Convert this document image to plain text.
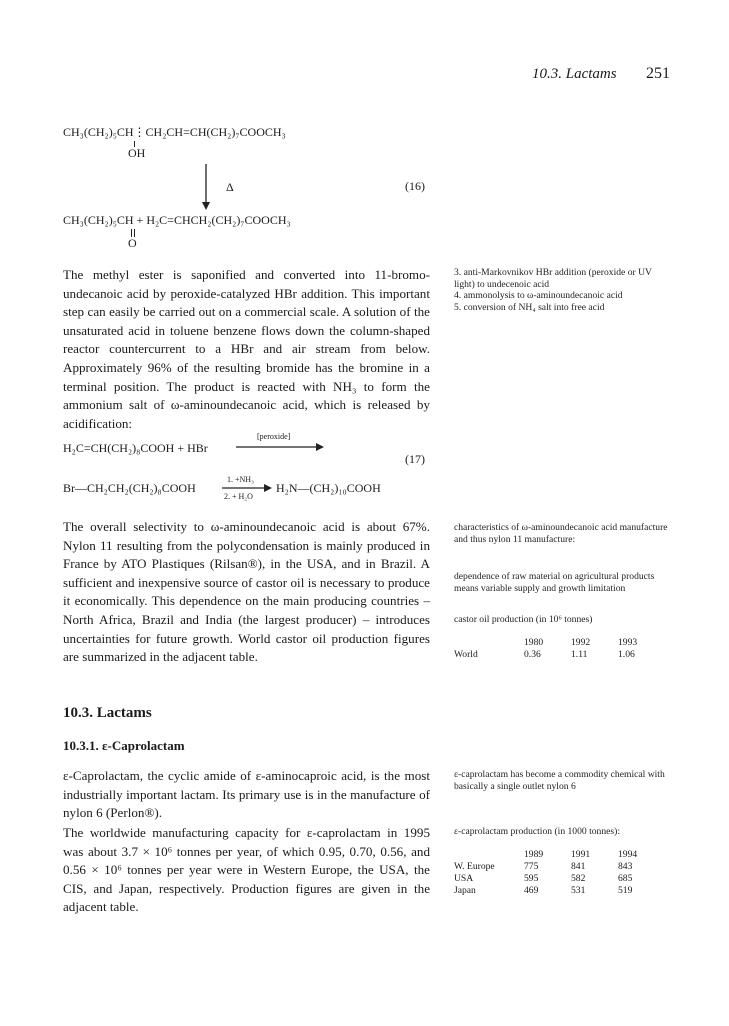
10.3. Lactams 251
CH₃(CH₂)₅CH⋮CH₂CH=CH(CH₂)₇COOCH₃
OH
Δ	(16)
CH₃(CH₂)₅CH + H₂C=CHCH₂(CH₂)₇COOCH₃
O

The methyl ester is saponified and converted into 11-bromo-undecanoic acid by peroxide-catalyzed HBr addition. This important step can easily be carried out on a commercial scale. A solution of the unsaturated acid in toluene benzene flows down the column-shaped reactor countercurrent to a HBr and air stream from below. Approximately 96% of the resulting bromide has the bromine in a terminal position. The product is reacted with NH₃ to form the ammonium salt of ω-aminoundecanoic acid, which is released by acidification:

3. anti-Markovnikov HBr addition (peroxide or UV light) to undecenoic acid

4. ammonolysis to ω-aminoundecanoic acid

5. conversion of NH₄ salt into free acid

H₂C=CH(CH₂)₈COOH + HBr
[peroxide]
(17)
Br—CH₂CH₂(CH₂)₈COOH
1. +NH₃
2. + H₂O
H₂N—(CH₂)₁₀COOH

The overall selectivity to ω-aminoundecanoic acid is about 67%. Nylon 11 resulting from the polycondensation is mainly produced in France by ATO Plastiques (Rilsan®), in the USA, and in Brazil. A sufficient and inexpensive source of castor oil is necessary to produce it economically. This dependence on the main producing countries – North Africa, Brazil and India (the largest producer) – introduces uncertainties for future growth. World castor oil production figures are summarized in the adjacent table.

characteristics of ω-aminoundecanoic acid manufacture and thus nylon 11 manufacture:

dependence of raw material on agricultural products means variable supply and growth limitation

castor oil production (in 10⁶ tonnes)
	1980	1992	1993
World	0.36	1.11	1.06
10.3. Lactams
10.3.1. ε-Caprolactam

ε-Caprolactam, the cyclic amide of ε-aminocaproic acid, is the most industrially important lactam. Its primary use is in the manufacture of nylon 6 (Perlon®).

The worldwide manufacturing capacity for ε-caprolactam in 1995 was about 3.7 × 10⁶ tonnes per year, of which 0.95, 0.70, 0.56, and 0.56 × 10⁶ tonnes per year were in Western Europe, the USA, the CIS, and Japan, respectively. Production figures are given in the adjacent table.

ε-caprolactam has become a commodity chemical with basically a single outlet nylon 6

ε-caprolactam production (in 1000 tonnes):
	1989	1991	1994
W. Europe	775	841	843
USA	595	582	685
Japan	469	531	519
